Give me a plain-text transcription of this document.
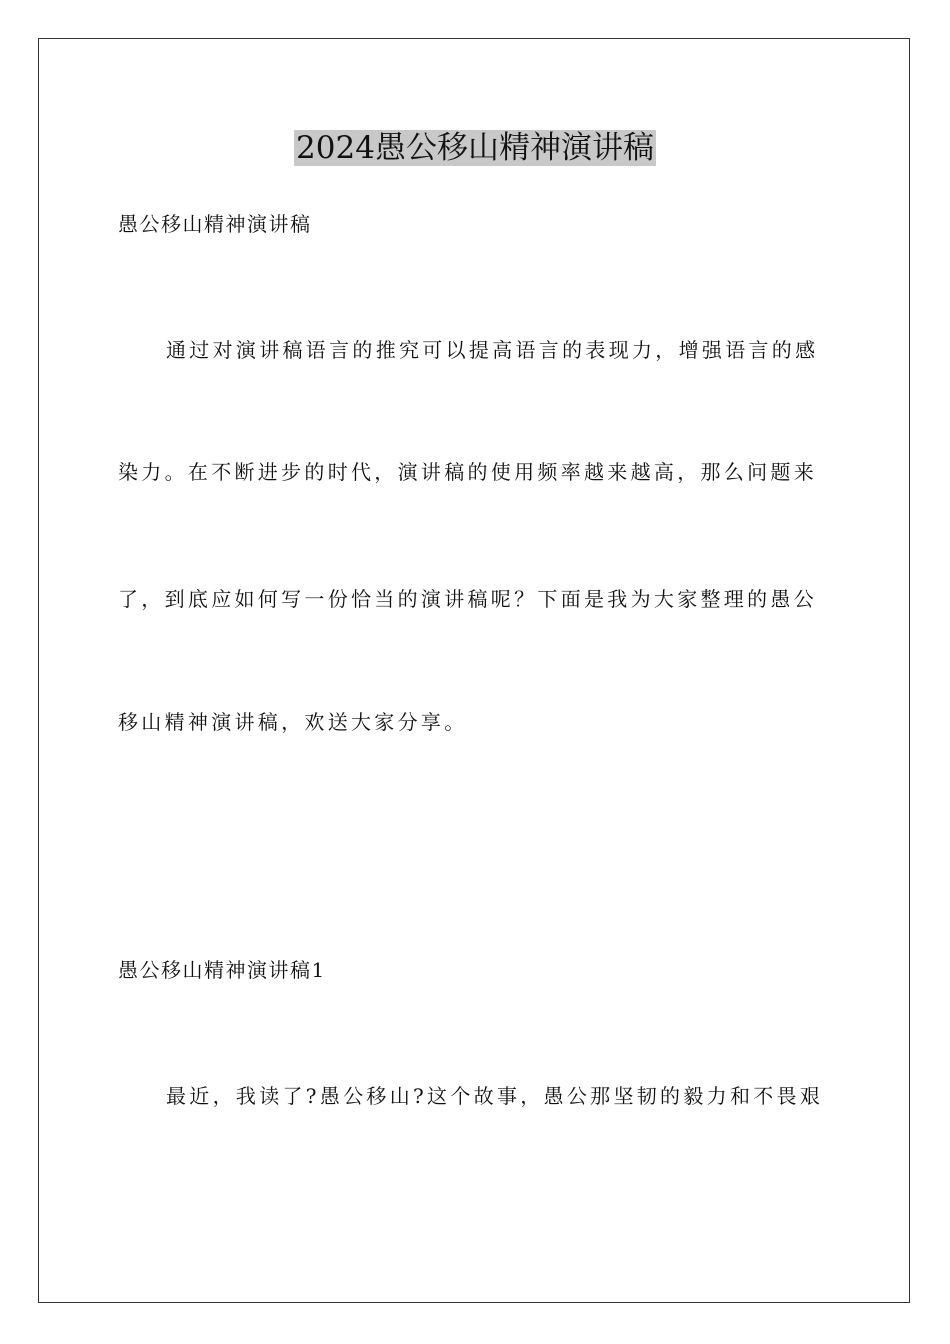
2024愚公移山精神演讲稿
愚公移山精神演讲稿
通过对演讲稿语言的推究可以提高语言的表现力，增强语言的感
染力。在不断进步的时代，演讲稿的使用频率越来越高，那么问题来
了，到底应如何写一份恰当的演讲稿呢？下面是我为大家整理的愚公
移山精神演讲稿，欢送大家分享。
愚公移山精神演讲稿1
最近，我读了?愚公移山?这个故事，愚公那坚韧的毅力和不畏艰
